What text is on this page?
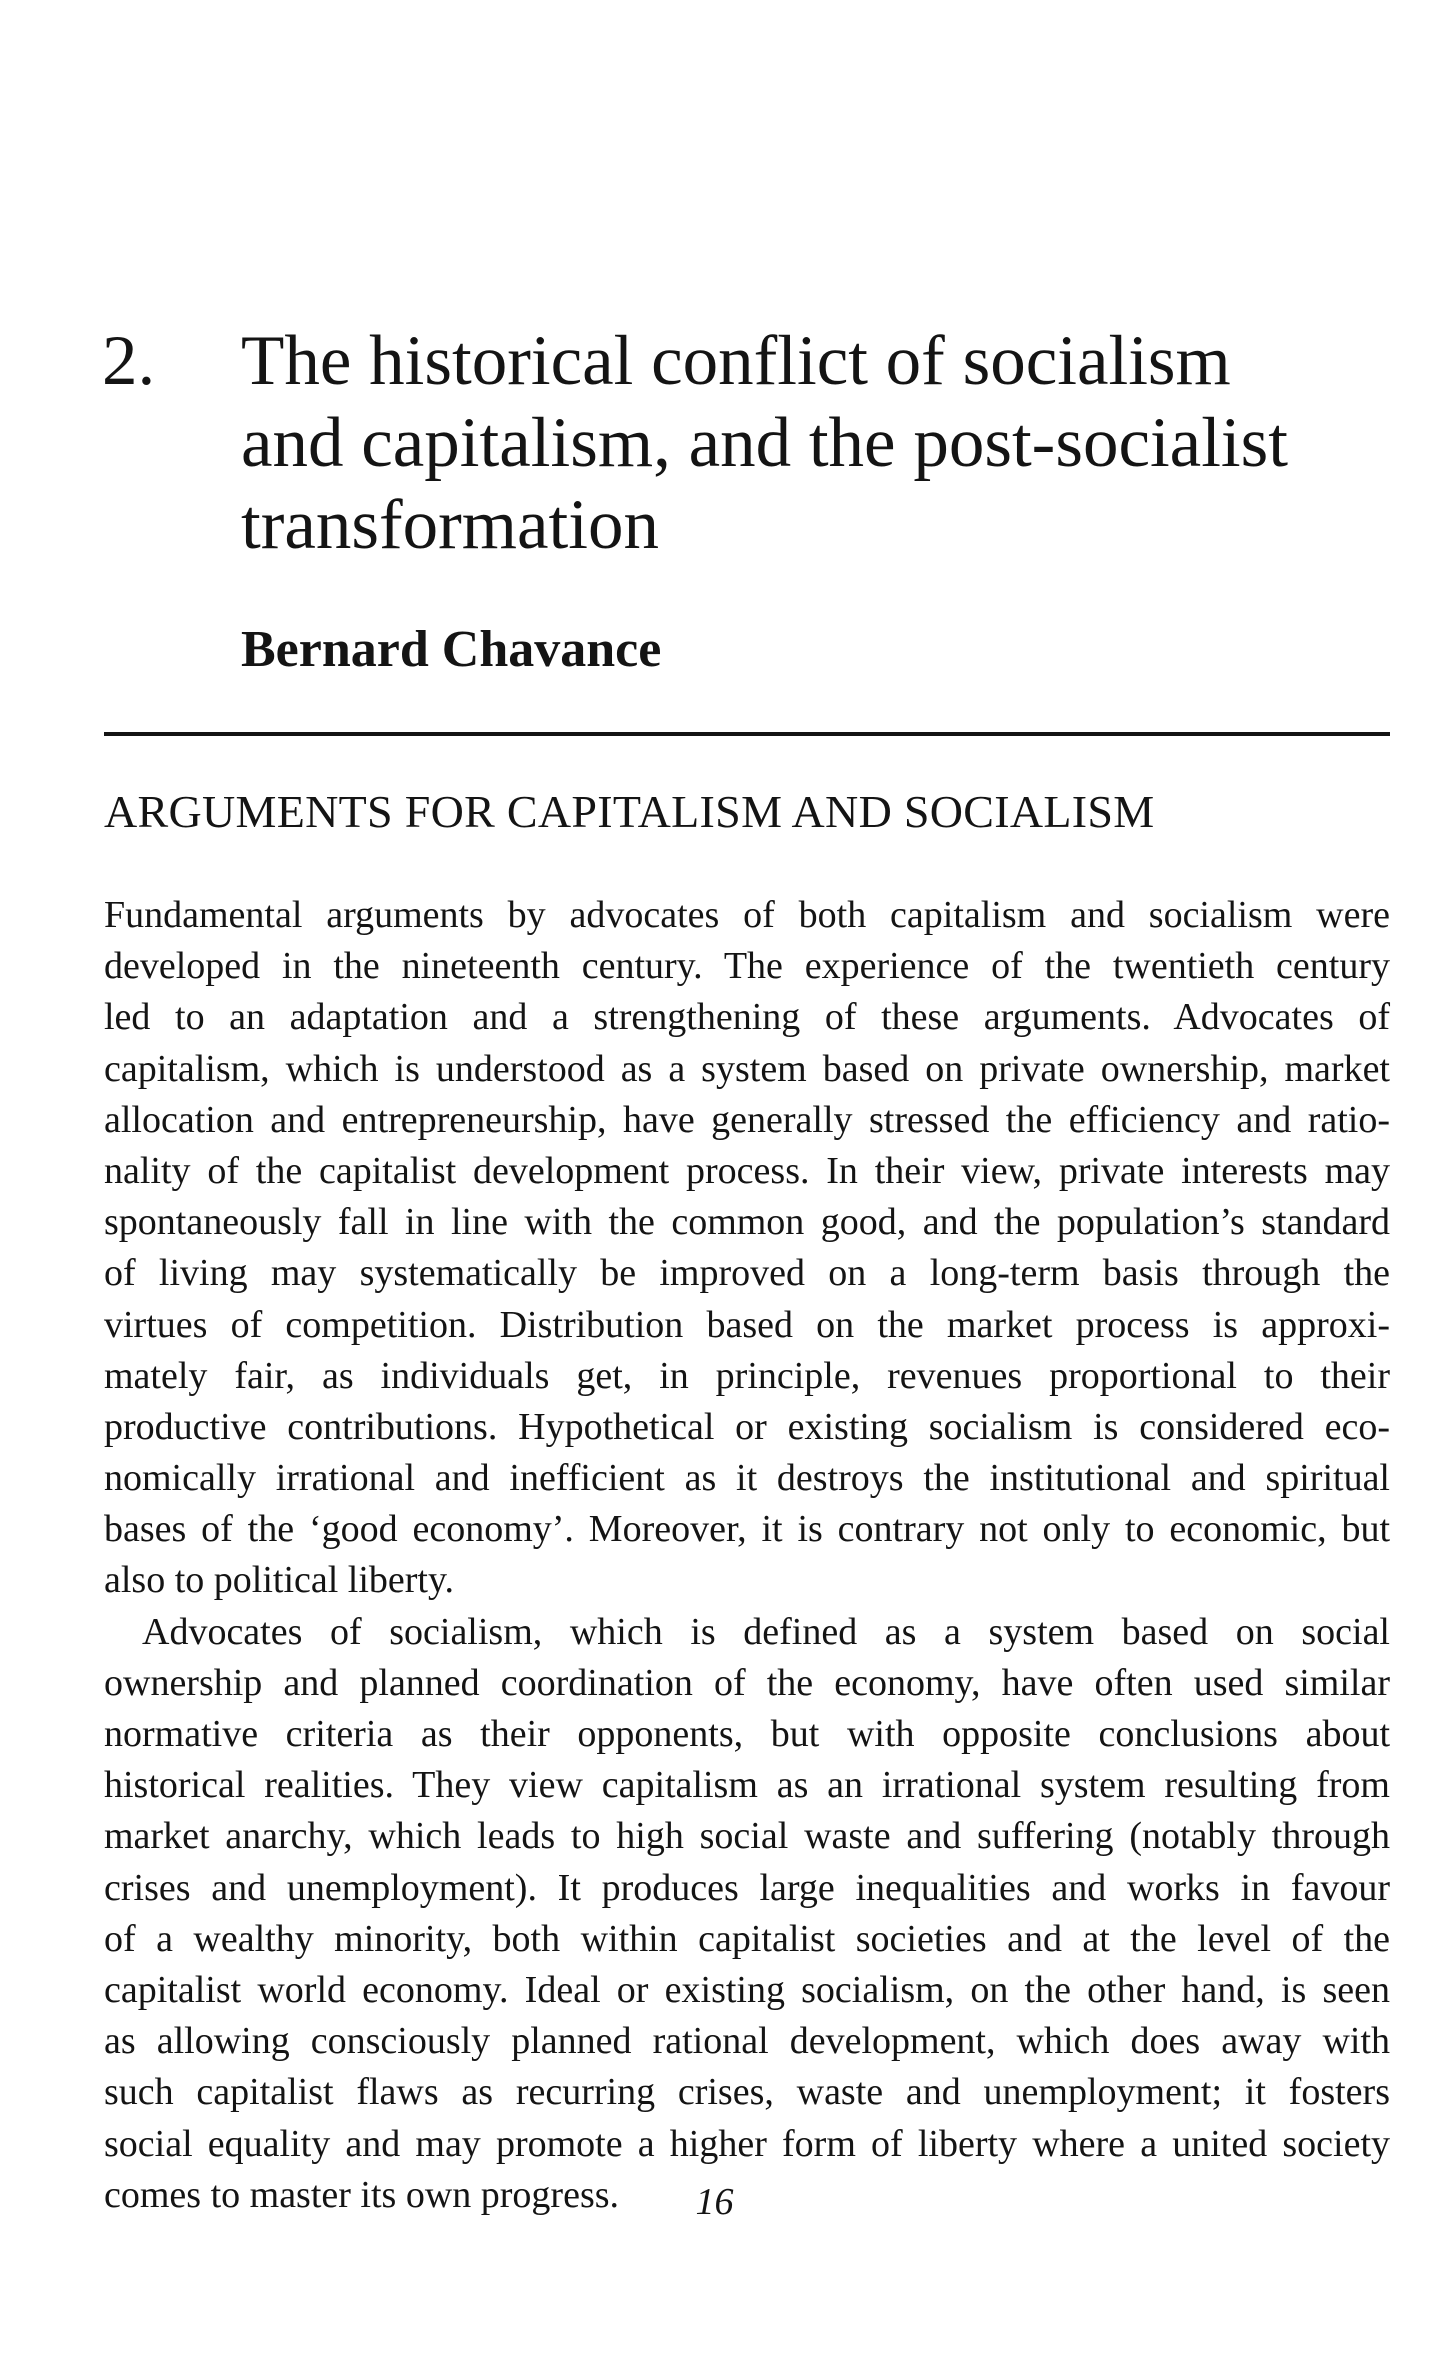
2. The historical conflict of socialism
and capitalism, and the post-socialist
transformation
Bernard Chavance
ARGUMENTS FOR CAPITALISM AND SOCIALISM

Fundamental arguments by advocates of both capitalism and socialism were
developed in the nineteenth century. The experience of the twentieth century
led to an adaptation and a strengthening of these arguments. Advocates of
capitalism, which is understood as a system based on private ownership, market
allocation and entrepreneurship, have generally stressed the efficiency and ratio-
nality of the capitalist development process. In their view, private interests may
spontaneously fall in line with the common good, and the population’s standard
of living may systematically be improved on a long-term basis through the
virtues of competition. Distribution based on the market process is approxi-
mately fair, as individuals get, in principle, revenues proportional to their
productive contributions. Hypothetical or existing socialism is considered eco-
nomically irrational and inefficient as it destroys the institutional and spiritual
bases of the ‘good economy’. Moreover, it is contrary not only to economic, but
also to political liberty.

Advocates of socialism, which is defined as a system based on social
ownership and planned coordination of the economy, have often used similar
normative criteria as their opponents, but with opposite conclusions about
historical realities. They view capitalism as an irrational system resulting from
market anarchy, which leads to high social waste and suffering (notably through
crises and unemployment). It produces large inequalities and works in favour
of a wealthy minority, both within capitalist societies and at the level of the
capitalist world economy. Ideal or existing socialism, on the other hand, is seen
as allowing consciously planned rational development, which does away with
such capitalist flaws as recurring crises, waste and unemployment; it fosters
social equality and may promote a higher form of liberty where a united society
comes to master its own progress.	16
